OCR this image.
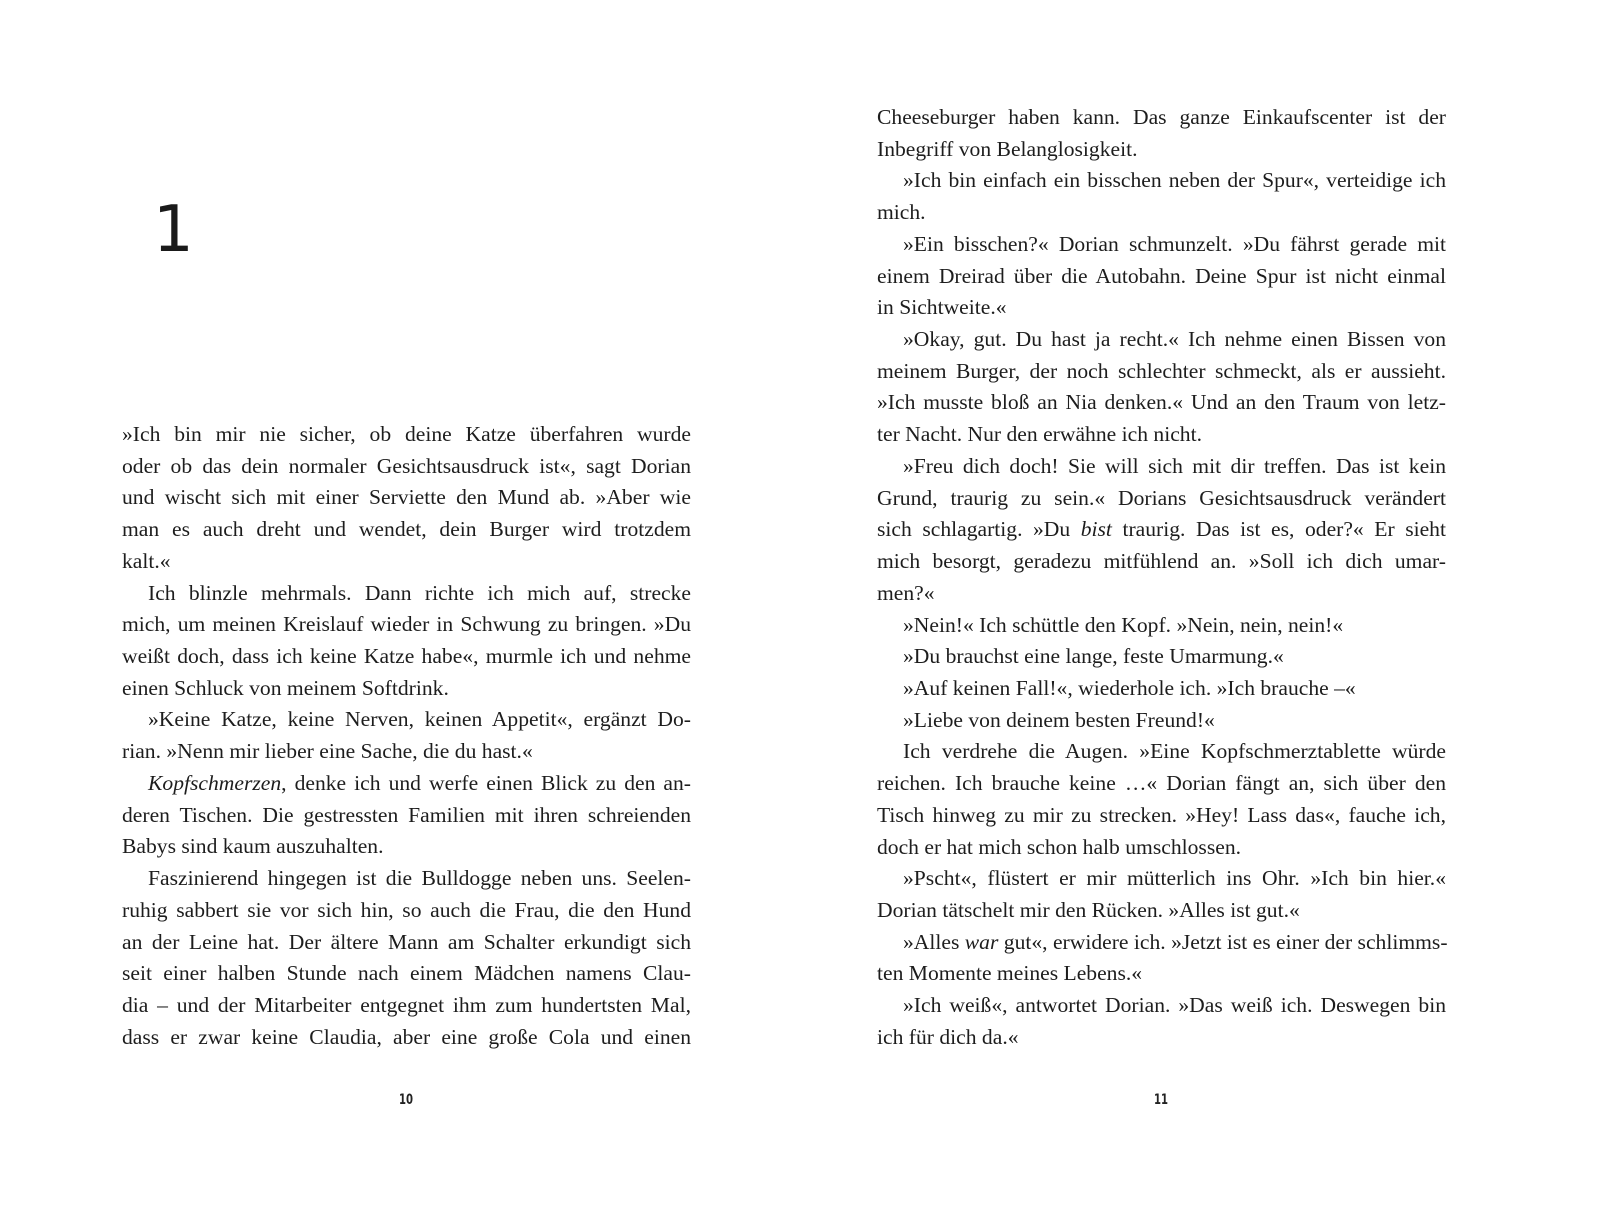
1
»Ich bin mir nie sicher, ob deine Katze überfahren wurde
oder ob das dein normaler Gesichtsausdruck ist«, sagt Dorian
und wischt sich mit einer Serviette den Mund ab. »Aber wie
man es auch dreht und wendet, dein Burger wird trotzdem
kalt.«
Ich blinzle mehrmals. Dann richte ich mich auf, strecke
mich, um meinen Kreislauf wieder in Schwung zu bringen. »Du
weißt doch, dass ich keine Katze habe«, murmle ich und nehme
einen Schluck von meinem Softdrink.
»Keine Katze, keine Nerven, keinen Appetit«, ergänzt Do-
rian. »Nenn mir lieber eine Sache, die du hast.«
Kopfschmerzen, denke ich und werfe einen Blick zu den an-
deren Tischen. Die gestressten Familien mit ihren schreienden
Babys sind kaum auszuhalten.
Faszinierend hingegen ist die Bulldogge neben uns. Seelen-
ruhig sabbert sie vor sich hin, so auch die Frau, die den Hund
an der Leine hat. Der ältere Mann am Schalter erkundigt sich
seit einer halben Stunde nach einem Mädchen namens Clau-
dia – und der Mitarbeiter entgegnet ihm zum hundertsten Mal,
dass er zwar keine Claudia, aber eine große Cola und einen
10
Cheeseburger haben kann. Das ganze Einkaufscenter ist der
Inbegriff von Belanglosigkeit.
»Ich bin einfach ein bisschen neben der Spur«, verteidige ich
mich.
»Ein bisschen?« Dorian schmunzelt. »Du fährst gerade mit
einem Dreirad über die Autobahn. Deine Spur ist nicht einmal
in Sichtweite.«
»Okay, gut. Du hast ja recht.« Ich nehme einen Bissen von
meinem Burger, der noch schlechter schmeckt, als er aussieht.
»Ich musste bloß an Nia denken.« Und an den Traum von letz-
ter Nacht. Nur den erwähne ich nicht.
»Freu dich doch! Sie will sich mit dir treffen. Das ist kein
Grund, traurig zu sein.« Dorians Gesichtsausdruck verändert
sich schlagartig. »Du bist traurig. Das ist es, oder?« Er sieht
mich besorgt, geradezu mitfühlend an. »Soll ich dich umar-
men?«
»Nein!« Ich schüttle den Kopf. »Nein, nein, nein!«
»Du brauchst eine lange, feste Umarmung.«
»Auf keinen Fall!«, wiederhole ich. »Ich brauche –«
»Liebe von deinem besten Freund!«
Ich verdrehe die Augen. »Eine Kopfschmerztablette würde
reichen. Ich brauche keine …« Dorian fängt an, sich über den
Tisch hinweg zu mir zu strecken. »Hey! Lass das«, fauche ich,
doch er hat mich schon halb umschlossen.
»Pscht«, flüstert er mir mütterlich ins Ohr. »Ich bin hier.«
Dorian tätschelt mir den Rücken. »Alles ist gut.«
»Alles war gut«, erwidere ich. »Jetzt ist es einer der schlimms-
ten Momente meines Lebens.«
»Ich weiß«, antwortet Dorian. »Das weiß ich. Deswegen bin
ich für dich da.«
11
